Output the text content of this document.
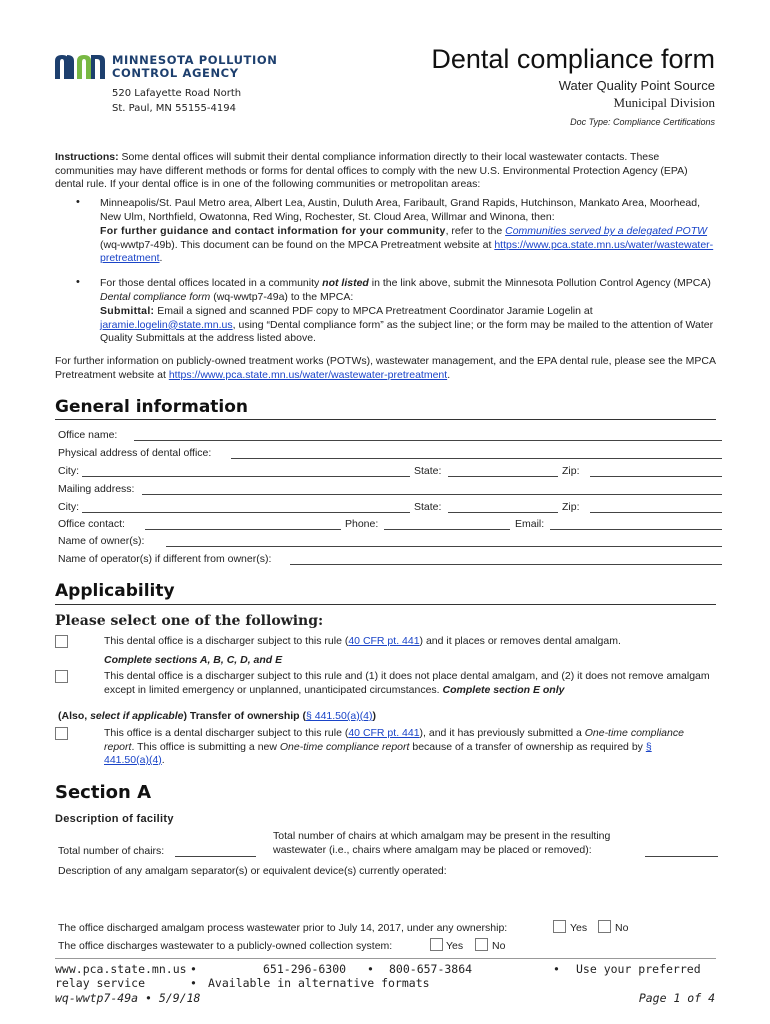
MINNESOTA POLLUTION
CONTROL AGENCY
520 Lafayette Road North
St. Paul, MN 55155-4194
Dental compliance form
Water Quality Point Source
Municipal Division
Doc Type: Compliance Certifications

Instructions: Some dental offices will submit their dental compliance information directly to their local wastewater contacts. These communities may have different methods or forms for dental offices to comply with the new U.S. Environmental Protection Agency (EPA) dental rule. If your dental office is in one of the following communities or metropolitan areas:

• Minneapolis/St. Paul Metro area, Albert Lea, Austin, Duluth Area, Faribault, Grand Rapids, Hutchinson, Mankato Area, Moorhead, New Ulm, Northfield, Owatonna, Red Wing, Rochester, St. Cloud Area, Willmar and Winona, then:
For further guidance and contact information for your community, refer to the Communities served by a delegated POTW (wq-wwtp7-49b). This document can be found on the MPCA Pretreatment website at https://www.pca.state.mn.us/water/wastewater-pretreatment.
• For those dental offices located in a community not listed in the link above, submit the Minnesota Pollution Control Agency (MPCA) Dental compliance form (wq-wwtp7-49a) to the MPCA:
Submittal: Email a signed and scanned PDF copy to MPCA Pretreatment Coordinator Jaramie Logelin at jaramie.logelin@state.mn.us, using “Dental compliance form” as the subject line; or the form may be mailed to the attention of Water Quality Submittals at the address listed above.

For further information on publicly-owned treatment works (POTWs), wastewater management, and the EPA dental rule, please see the MPCA Pretreatment website at https://www.pca.state.mn.us/water/wastewater-pretreatment.

General information
Office name:
Physical address of dental office:
City:	State:	Zip:
Mailing address:
City:	State:	Zip:
Office contact:	Phone:	Email:
Name of owner(s):
Name of operator(s) if different from owner(s):
Applicability
Please select one of the following:
This dental office is a discharger subject to this rule (40 CFR pt. 441) and it places or removes dental amalgam.
Complete sections A, B, C, D, and E
This dental office is a discharger subject to this rule and (1) it does not place dental amalgam, and (2) it does not remove amalgam except in limited emergency or unplanned, unanticipated circumstances. Complete section E only
(Also, select if applicable) Transfer of ownership (§ 441.50(a)(4))
This office is a dental discharger subject to this rule (40 CFR pt. 441), and it has previously submitted a One-time compliance report. This office is submitting a new One-time compliance report because of a transfer of ownership as required by § 441.50(a)(4).
Section A
Description of facility
Total number of chairs:
Total number of chairs at which amalgam may be present in the resulting wastewater (i.e., chairs where amalgam may be placed or removed):
Description of any amalgam separator(s) or equivalent device(s) currently operated:
The office discharged amalgam process wastewater prior to July 14, 2017, under any ownership:	Yes	No
The office discharges wastewater to a publicly-owned collection system:	Yes	No
www.pca.state.mn.us •	651-296-6300 • 800-657-3864	•	Use your preferred relay service	• Available in alternative formats
wq-wwtp7-49a • 5/9/18	Page 1 of 4
